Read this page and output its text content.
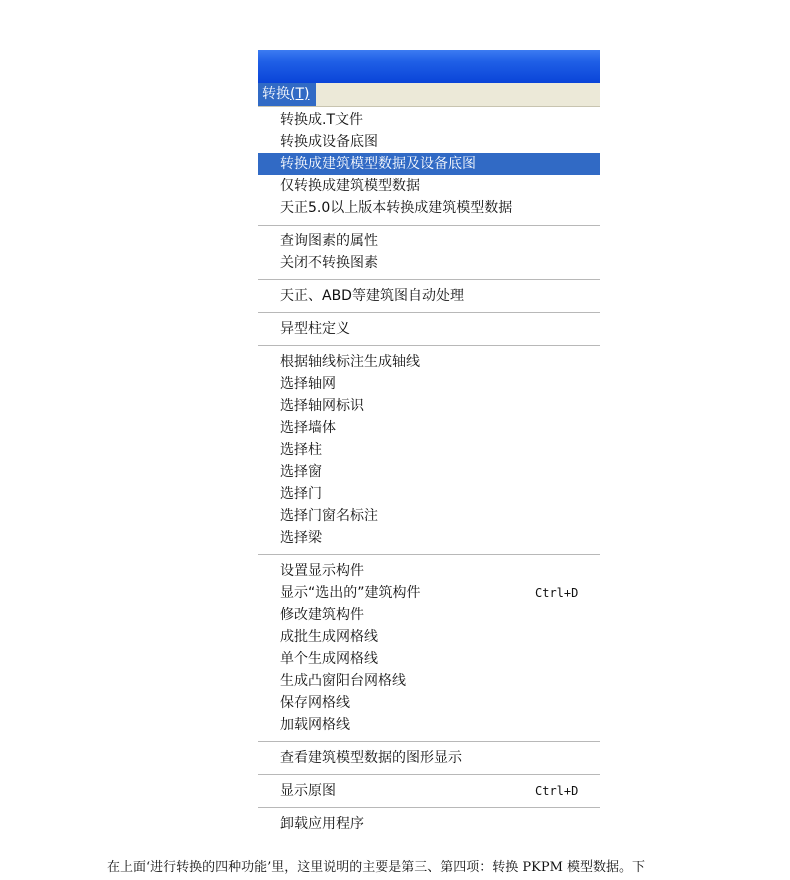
转换(T)
转换成.T文件
转换成设备底图
转换成建筑模型数据及设备底图
仅转换成建筑模型数据
天正5.0以上版本转换成建筑模型数据
查询图素的属性
关闭不转换图素
天正、ABD等建筑图自动处理
异型柱定义
根据轴线标注生成轴线
选择轴网
选择轴网标识
选择墙体
选择柱
选择窗
选择门
选择门窗名标注
选择梁
设置显示构件
显示“选出的”建筑构件	Ctrl+D
修改建筑构件
成批生成网格线
单个生成网格线
生成凸窗阳台网格线
保存网格线
加载网格线
查看建筑模型数据的图形显示
显示原图	Ctrl+D
卸载应用程序
在上面‘进行转换的四种功能’里，这里说明的主要是第三、第四项：转换 PKPM 模型数据。下
